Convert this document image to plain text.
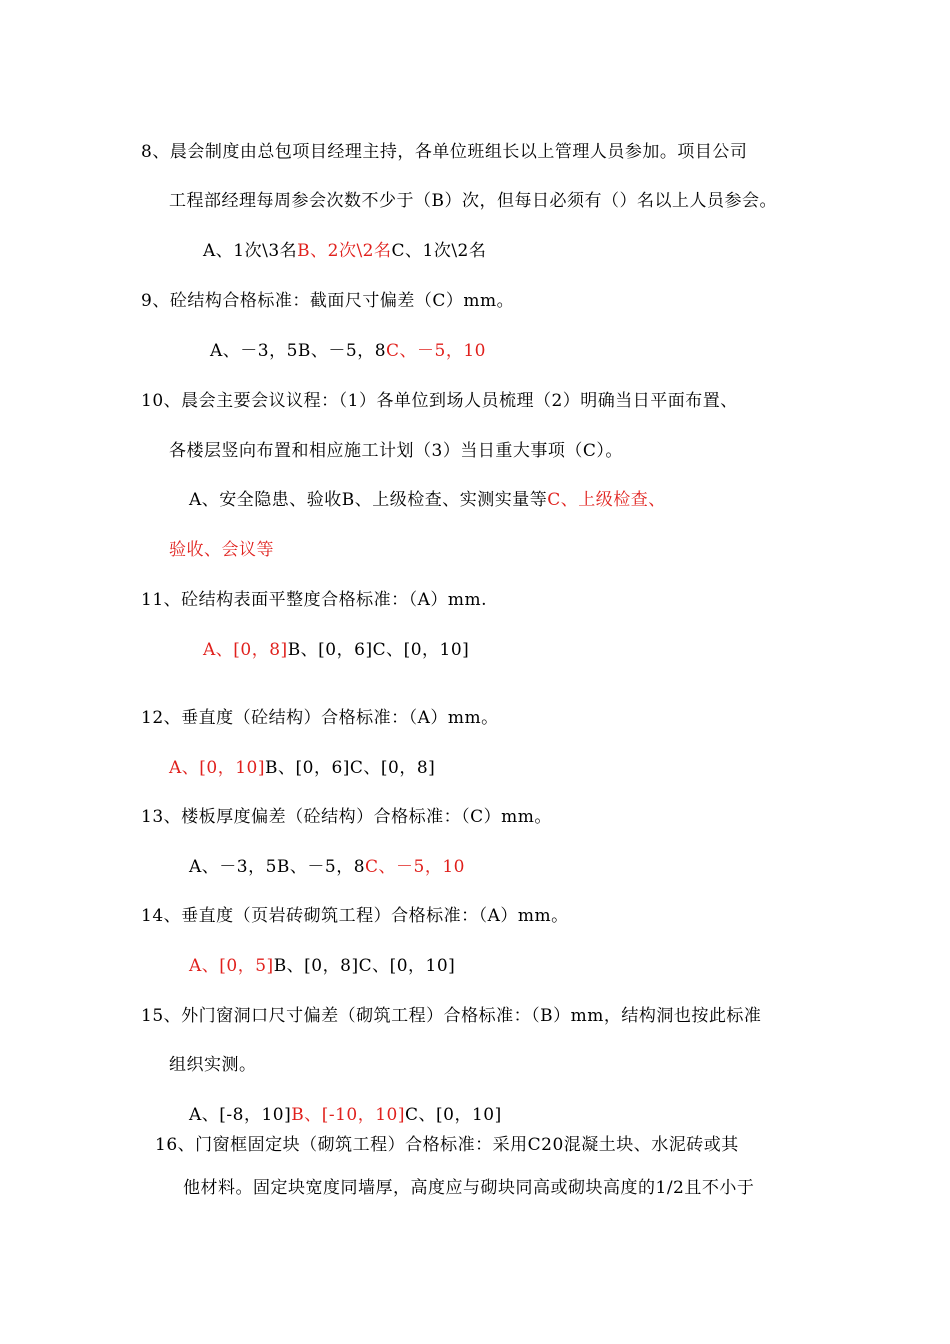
8、晨会制度由总包项目经理主持，各单位班组长以上管理人员参加。项目公司
工程部经理每周参会次数不少于（B）次，但每日必须有（）名以上人员参会。
A、1次\3名B、2次\2名C、1次\2名
9、砼结构合格标准：截面尺寸偏差（C）mm。
A、－3，5B、－5，8C、－5，10
10、晨会主要会议议程：（1）各单位到场人员梳理（2）明确当日平面布置、
各楼层竖向布置和相应施工计划（3）当日重大事项（C）。
A、安全隐患、验收B、上级检查、实测实量等C、上级检查、
验收、会议等
11、砼结构表面平整度合格标准：（A）mm.
A、[0，8]B、[0，6]C、[0，10]
12、垂直度（砼结构）合格标准：（A）mm。
A、[0，10]B、[0，6]C、[0，8]
13、楼板厚度偏差（砼结构）合格标准：（C）mm。
A、－3，5B、－5，8C、－5，10
14、垂直度（页岩砖砌筑工程）合格标准：（A）mm。
A、[0，5]B、[0，8]C、[0，10]
15、外门窗洞口尺寸偏差（砌筑工程）合格标准：（B）mm，结构洞也按此标准
组织实测。
A、[-8，10]B、[-10，10]C、[0，10]
16、门窗框固定块（砌筑工程）合格标准：采用C20混凝土块、水泥砖或其
他材料。固定块宽度同墙厚，高度应与砌块同高或砌块高度的1/2且不小于
